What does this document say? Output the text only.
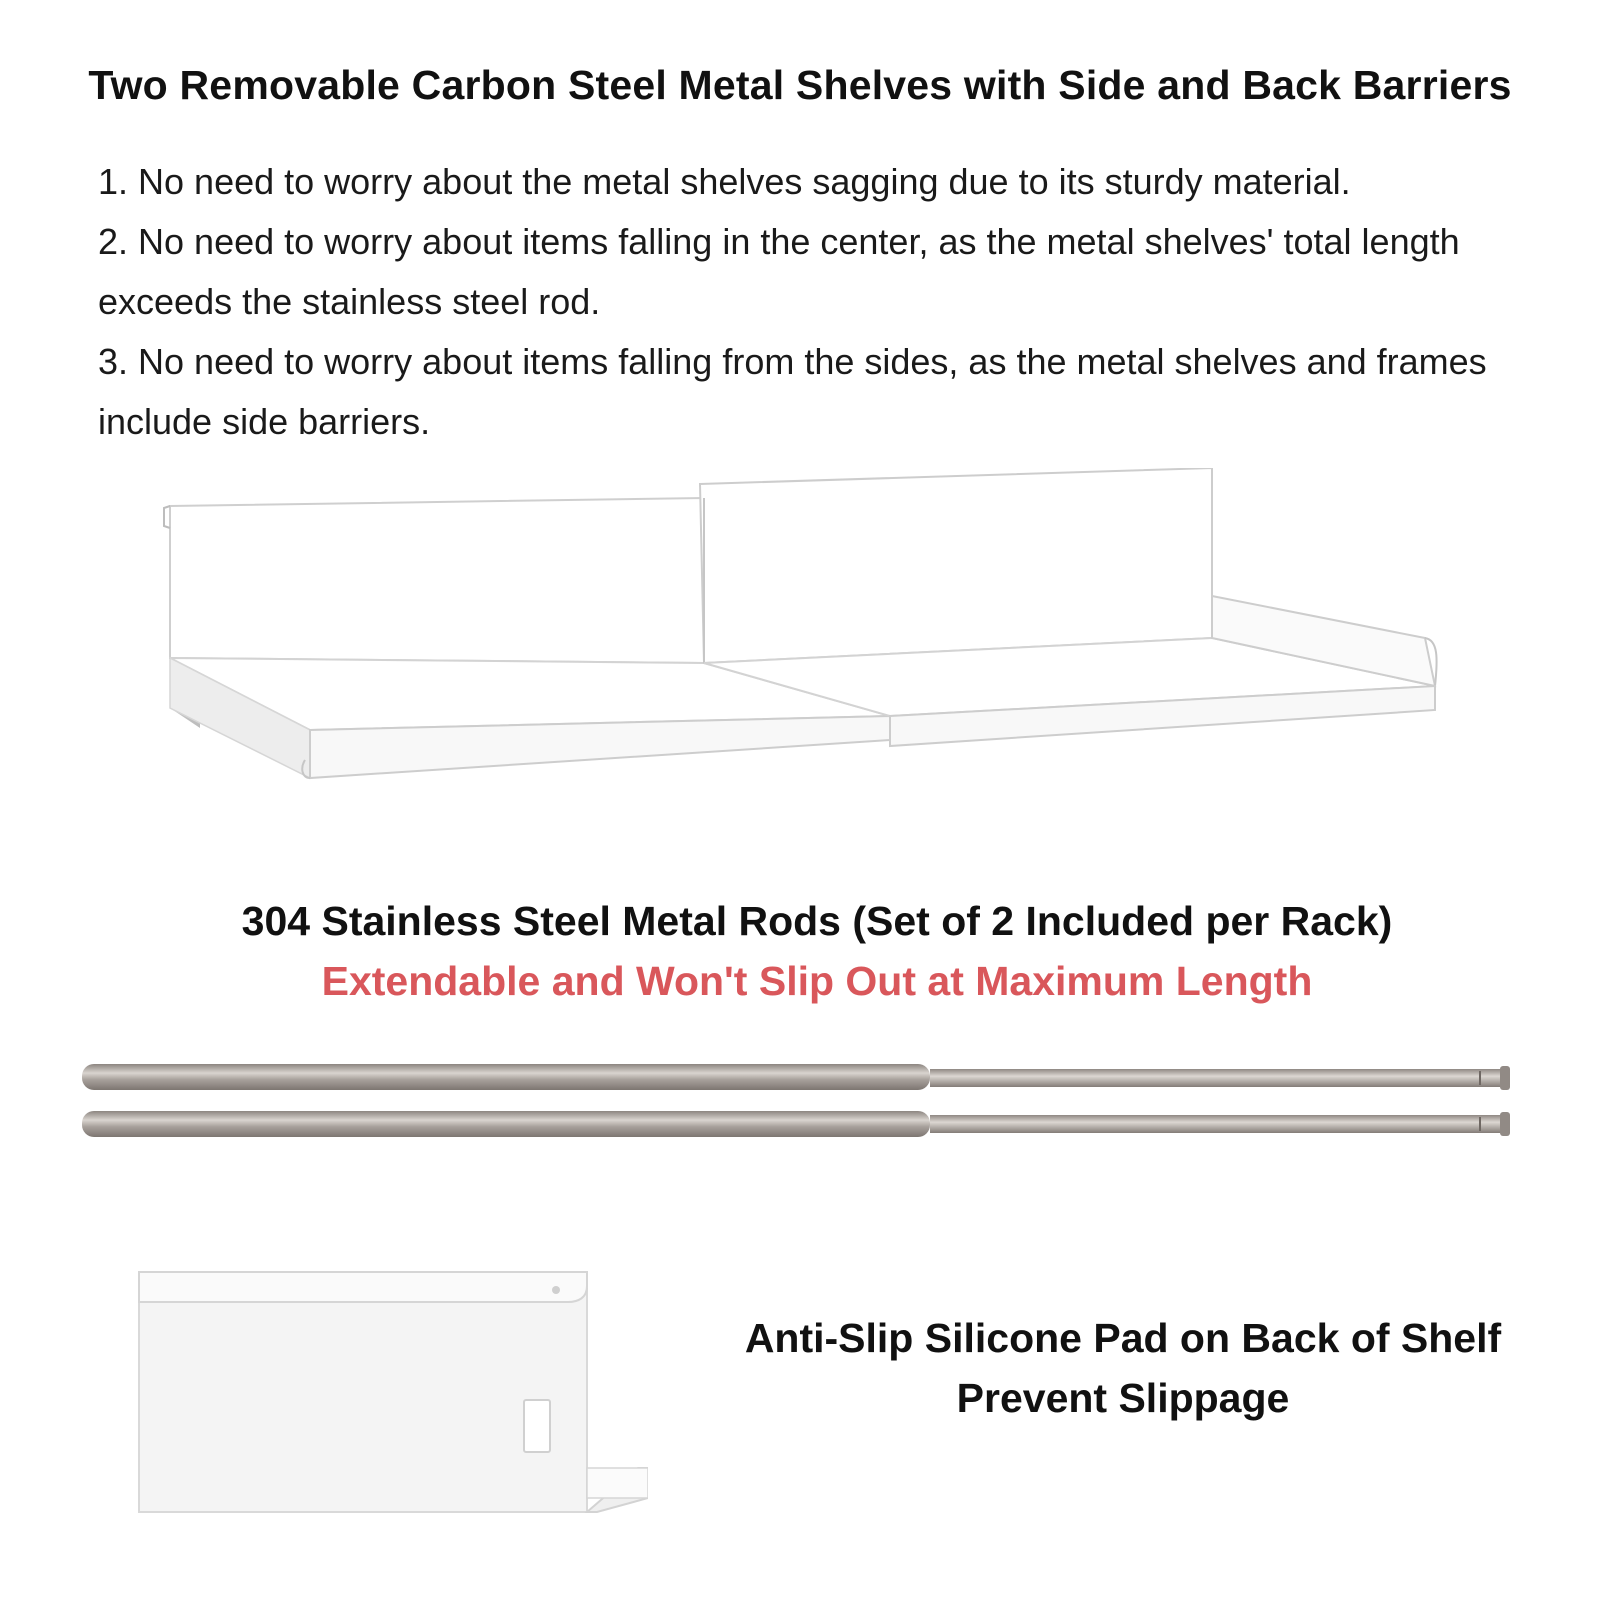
Two Removable Carbon Steel Metal Shelves with Side and Back Barriers

1. No need to worry about the metal shelves sagging due to its sturdy material.

2. No need to worry about items falling in the center, as the metal shelves' total length exceeds the stainless steel rod.

3. No need to worry about items falling from the sides, as the metal shelves and frames include side barriers.

304 Stainless Steel Metal Rods (Set of 2 Included per Rack)
Extendable and Won't Slip Out at Maximum Length
Anti-Slip Silicone Pad on Back of Shelf
Prevent Slippage
